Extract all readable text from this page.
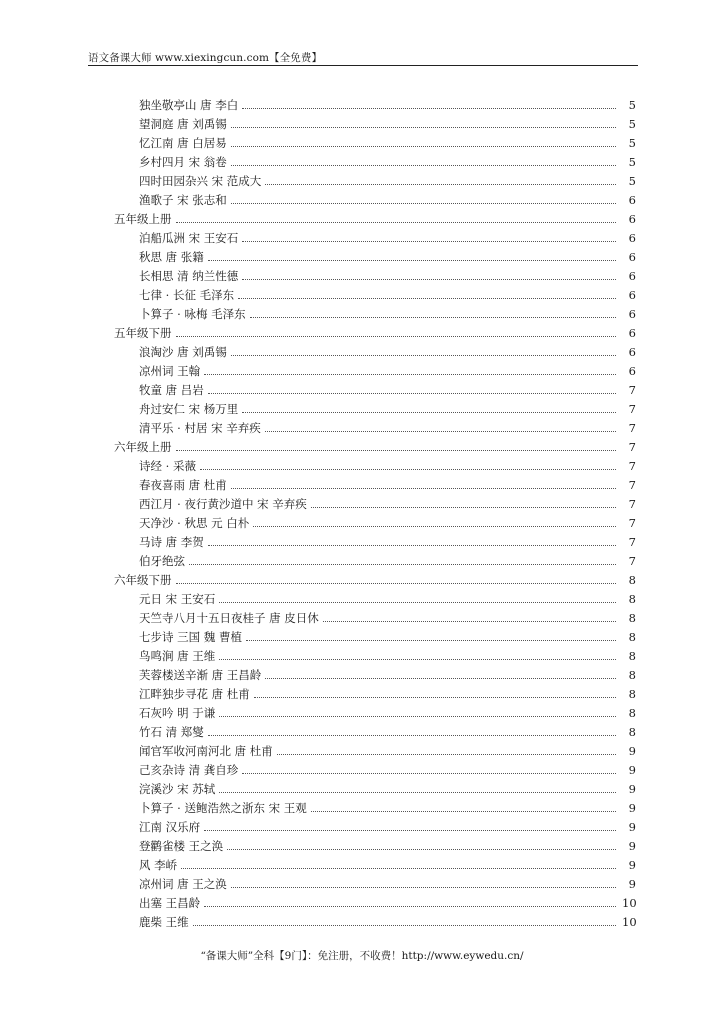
语文备课大师 www.xiexingcun.com【全免费】
独坐敬亭山 唐 李白	5
望洞庭 唐 刘禹锡	5
忆江南 唐 白居易	5
乡村四月 宋 翁卷	5
四时田园杂兴 宋 范成大	5
渔歌子 宋 张志和	6
五年级上册	6
泊船瓜洲 宋 王安石	6
秋思 唐 张籍	6
长相思 清 纳兰性德	6
七律 · 长征 毛泽东	6
卜算子 · 咏梅 毛泽东	6
五年级下册	6
浪淘沙 唐 刘禹锡	6
凉州词 王翰	6
牧童 唐 吕岩	7
舟过安仁 宋 杨万里	7
清平乐 · 村居 宋 辛弃疾	7
六年级上册	7
诗经 · 采薇	7
春夜喜雨 唐 杜甫	7
西江月 · 夜行黄沙道中 宋 辛弃疾	7
天净沙 · 秋思 元 白朴	7
马诗 唐 李贺	7
伯牙绝弦	7
六年级下册	8
元日 宋 王安石	8
天竺寺八月十五日夜桂子 唐 皮日休	8
七步诗 三国 魏 曹植	8
鸟鸣涧 唐 王维	8
芙蓉楼送辛渐 唐 王昌龄	8
江畔独步寻花 唐 杜甫	8
石灰吟 明 于谦	8
竹石 清 郑燮	8
闻官军收河南河北 唐 杜甫	9
己亥杂诗 清 龚自珍	9
浣溪沙 宋 苏轼	9
卜算子 · 送鲍浩然之浙东 宋 王观	9
江南 汉乐府	9
登鹳雀楼 王之涣	9
风 李峤	9
凉州词 唐 王之涣	9
出塞 王昌龄	10
鹿柴 王维	10
“备课大师”全科【9门】：免注册，不收费！http://www.eywedu.cn/
